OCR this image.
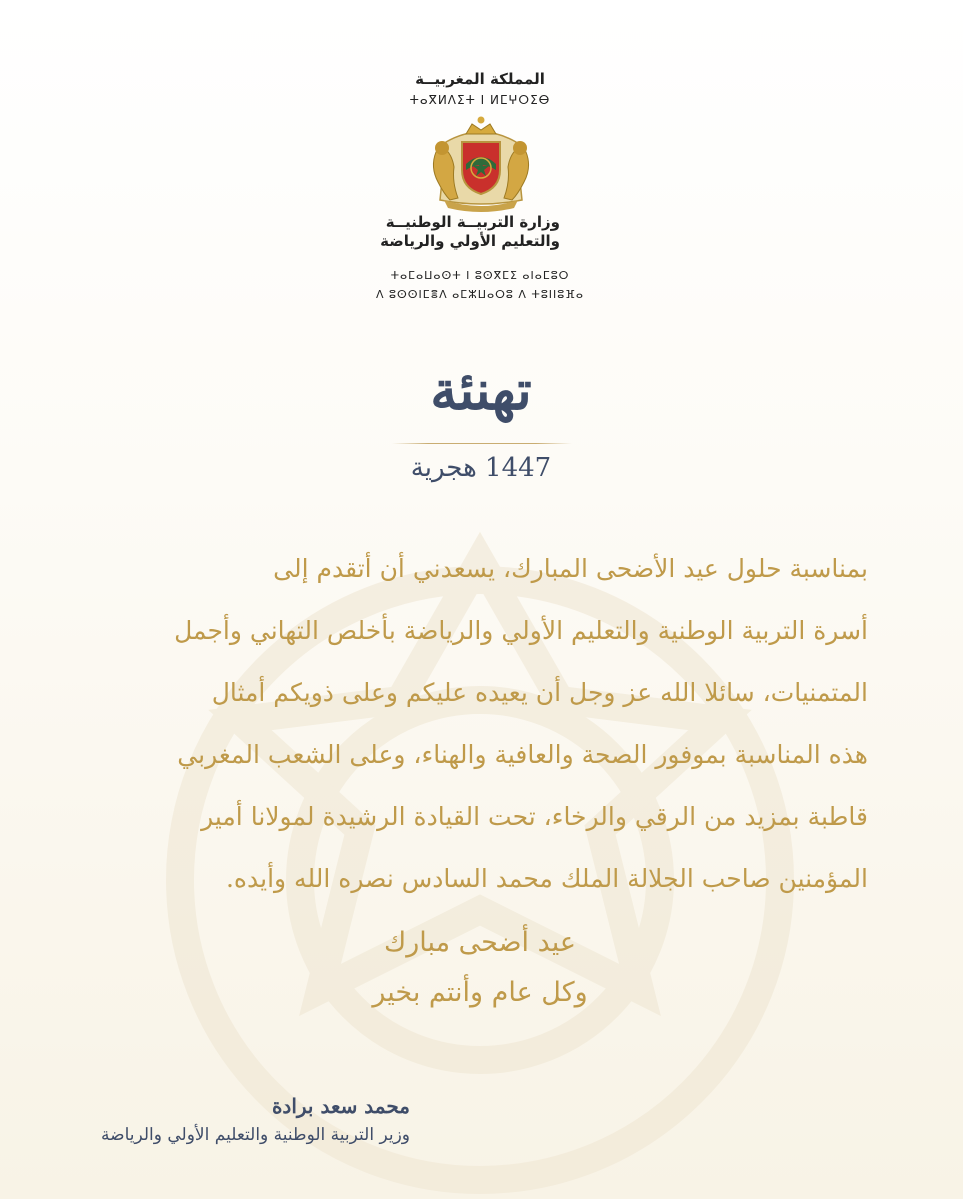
المملكة المغربيــة
ⵜⴰⴳⵍⴷⵉⵜ ⵏ ⵍⵎⵖⵔⵉⴱ
وزارة التربيــة الوطنيــة
والتعليم الأولي والرياضة
ⵜⴰⵎⴰⵡⴰⵙⵜ ⵏ ⵓⵙⴳⵎⵉ ⴰⵏⴰⵎⵓⵔ
ⴷ ⵓⵙⵙⵏⵎⴻⴷ ⴰⵎⵣⵡⴰⵔⵓ ⴷ ⵜⵓⵏⵏⵓⴼⴰ
تهنئة
1447 هجرية
بمناسبة حلول عيد الأضحى المبارك، يسعدني أن أتقدم إلى
أسرة التربية الوطنية والتعليم الأولي والرياضة بأخلص التهاني وأجمل
المتمنيات، سائلا الله عز وجل أن يعيده عليكم وعلى ذويكم أمثال
هذه المناسبة بموفور الصحة والعافية والهناء، وعلى الشعب المغربي
قاطبة بمزيد من الرقي والرخاء، تحت القيادة الرشيدة لمولانا أمير
المؤمنين صاحب الجلالة الملك محمد السادس نصره الله وأيده.
عيد أضحى مبارك
وكل عام وأنتم بخير
محمد سعد برادة
وزير التربية الوطنية والتعليم الأولي والرياضة
